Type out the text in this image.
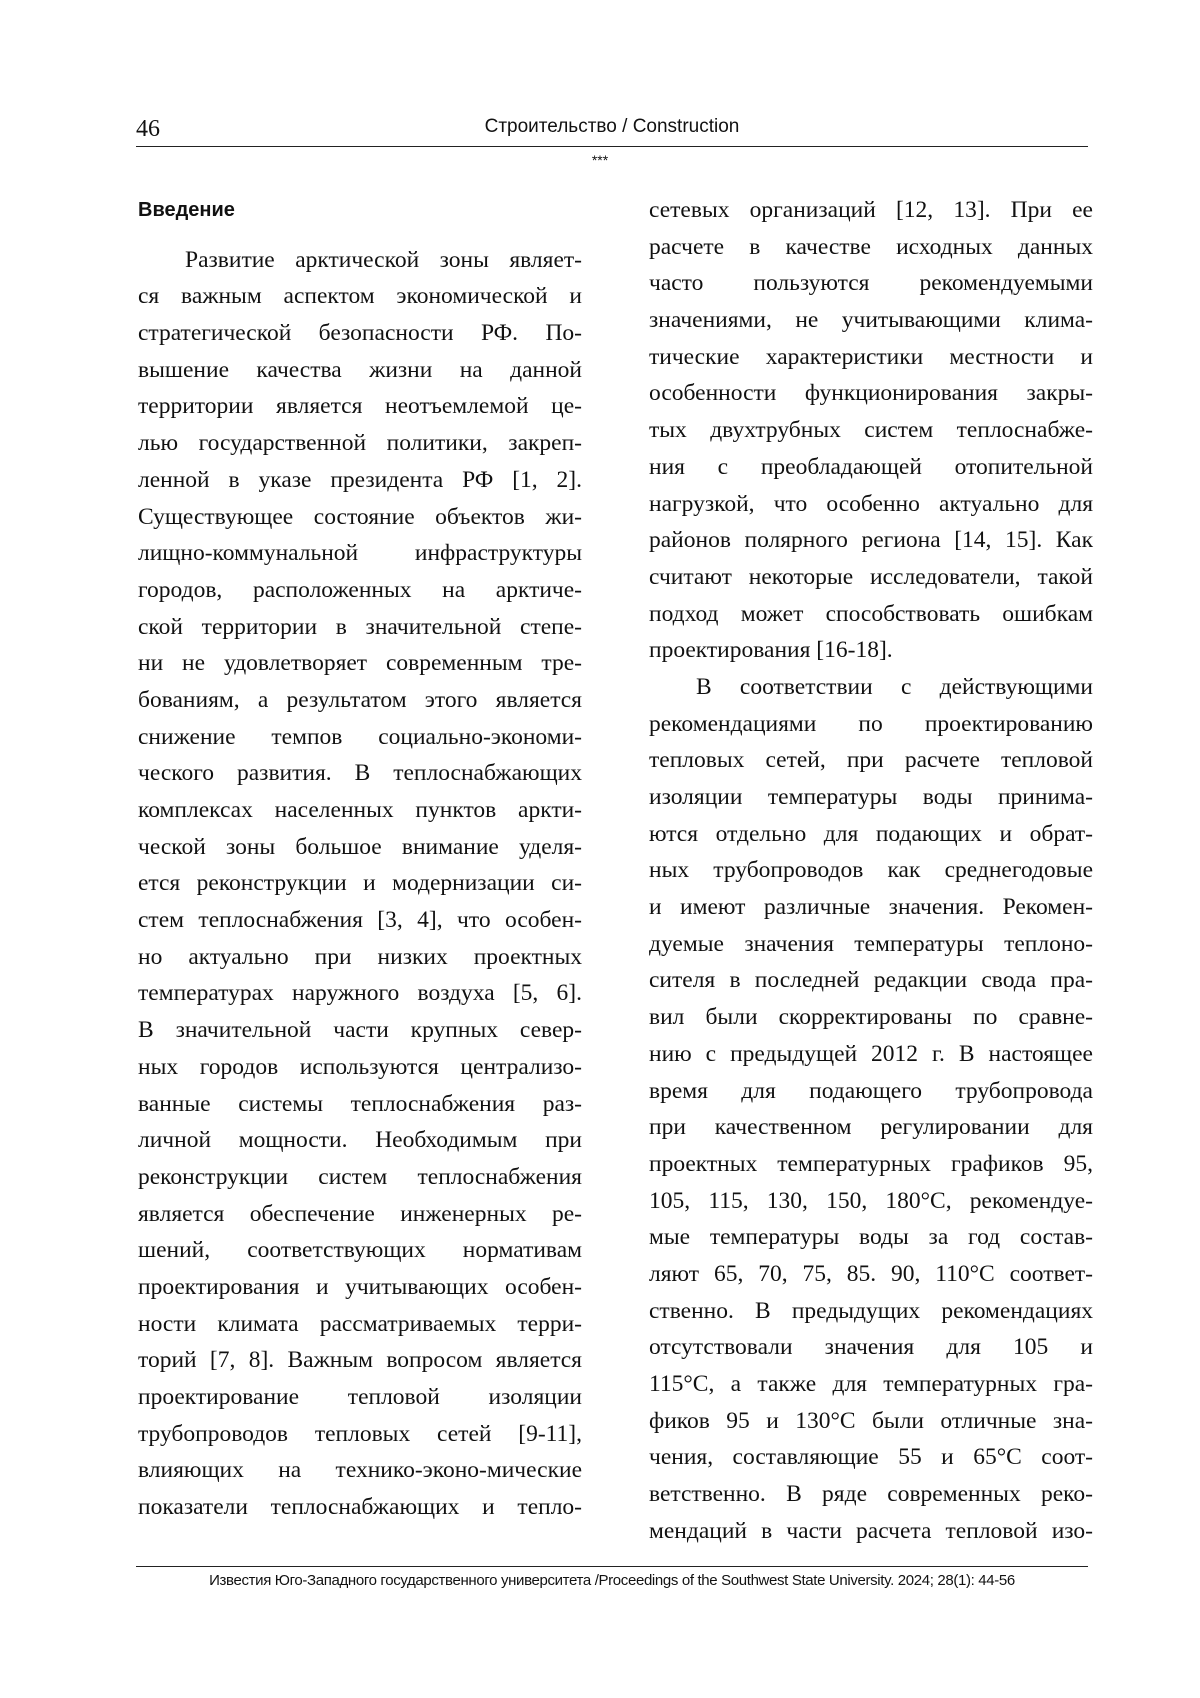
46	Строительство / Construction
***
Введение
Развитие арктической зоны являет-
ся важным аспектом экономической и
стратегической безопасности РФ. По-
вышение качества жизни на данной
территории является неотъемлемой це-
лью государственной политики, закреп-
ленной в указе президента РФ [1, 2].
Существующее состояние объектов жи-
лищно-коммунальной инфраструктуры
городов, расположенных на арктиче-
ской территории в значительной степе-
ни не удовлетворяет современным тре-
бованиям, а результатом этого является
снижение темпов социально-экономи-
ческого развития. В теплоснабжающих
комплексах населенных пунктов аркти-
ческой зоны большое внимание уделя-
ется реконструкции и модернизации си-
стем теплоснабжения [3, 4], что особен-
но актуально при низких проектных
температурах наружного воздуха [5, 6].
В значительной части крупных север-
ных городов используются централизо-
ванные системы теплоснабжения раз-
личной мощности. Необходимым при
реконструкции систем теплоснабжения
является обеспечение инженерных ре-
шений, соответствующих нормативам
проектирования и учитывающих особен-
ности климата рассматриваемых терри-
торий [7, 8]. Важным вопросом является
проектирование тепловой изоляции
трубопроводов тепловых сетей [9-11],
влияющих на технико-эконо-мические
показатели теплоснабжающих и тепло-
сетевых организаций [12, 13]. При ее
расчете в качестве исходных данных
часто пользуются рекомендуемыми
значениями, не учитывающими клима-
тические характеристики местности и
особенности функционирования закры-
тых двухтрубных систем теплоснабже-
ния с преобладающей отопительной
нагрузкой, что особенно актуально для
районов полярного региона [14, 15]. Как
считают некоторые исследователи, такой
подход может способствовать ошибкам
проектирования [16-18].
В соответствии с действующими
рекомендациями по проектированию
тепловых сетей, при расчете тепловой
изоляции температуры воды принима-
ются отдельно для подающих и обрат-
ных трубопроводов как среднегодовые
и имеют различные значения. Рекомен-
дуемые значения температуры теплоно-
сителя в последней редакции свода пра-
вил были скорректированы по сравне-
нию с предыдущей 2012 г. В настоящее
время для подающего трубопровода
при качественном регулировании для
проектных температурных графиков 95,
105, 115, 130, 150, 180°С, рекомендуе-
мые температуры воды за год состав-
ляют 65, 70, 75, 85. 90, 110°С соответ-
ственно. В предыдущих рекомендациях
отсутствовали значения для 105 и
115°С, а также для температурных гра-
фиков 95 и 130°С были отличные зна-
чения, составляющие 55 и 65°С соот-
ветственно. В ряде современных реко-
мендаций в части расчета тепловой изо-
Известия Юго-Западного государственного университета /Proceedings of the Southwest State University. 2024; 28(1): 44-56
